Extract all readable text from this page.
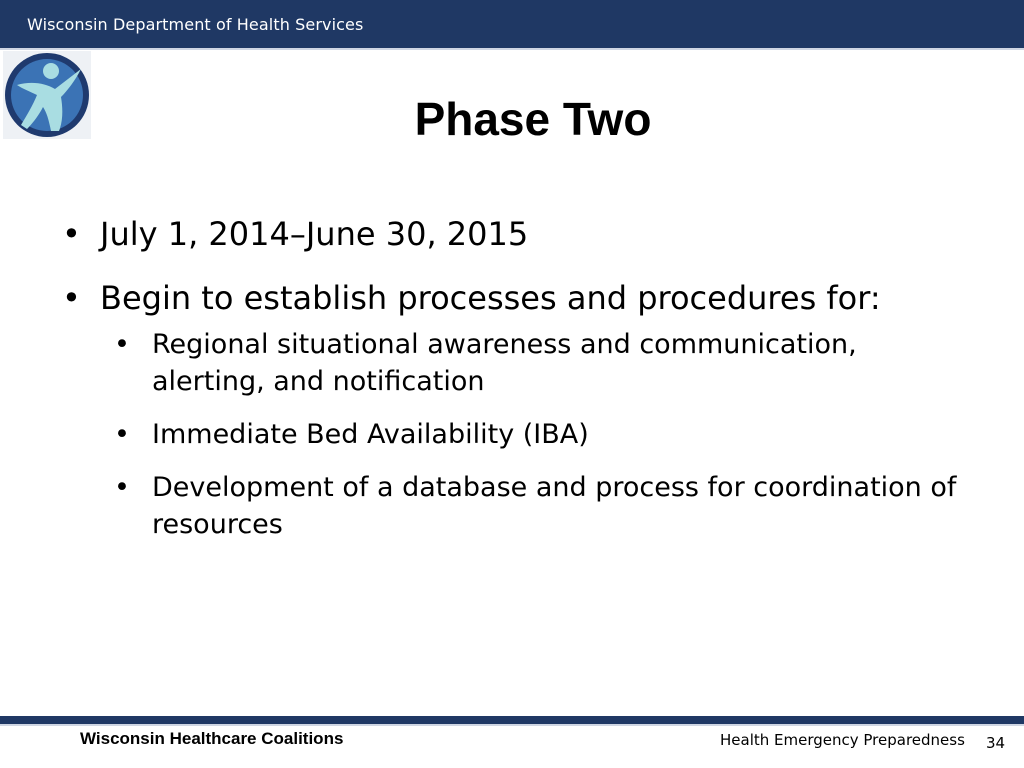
Wisconsin Department of Health Services
Phase Two
• July 1, 2014–June 30, 2015
• Begin to establish processes and procedures for:
• Regional situational awareness and communication, alerting, and notification
• Immediate Bed Availability (IBA)
• Development of a database and process for coordination of resources
Wisconsin Healthcare Coalitions	Health Emergency Preparedness 34
